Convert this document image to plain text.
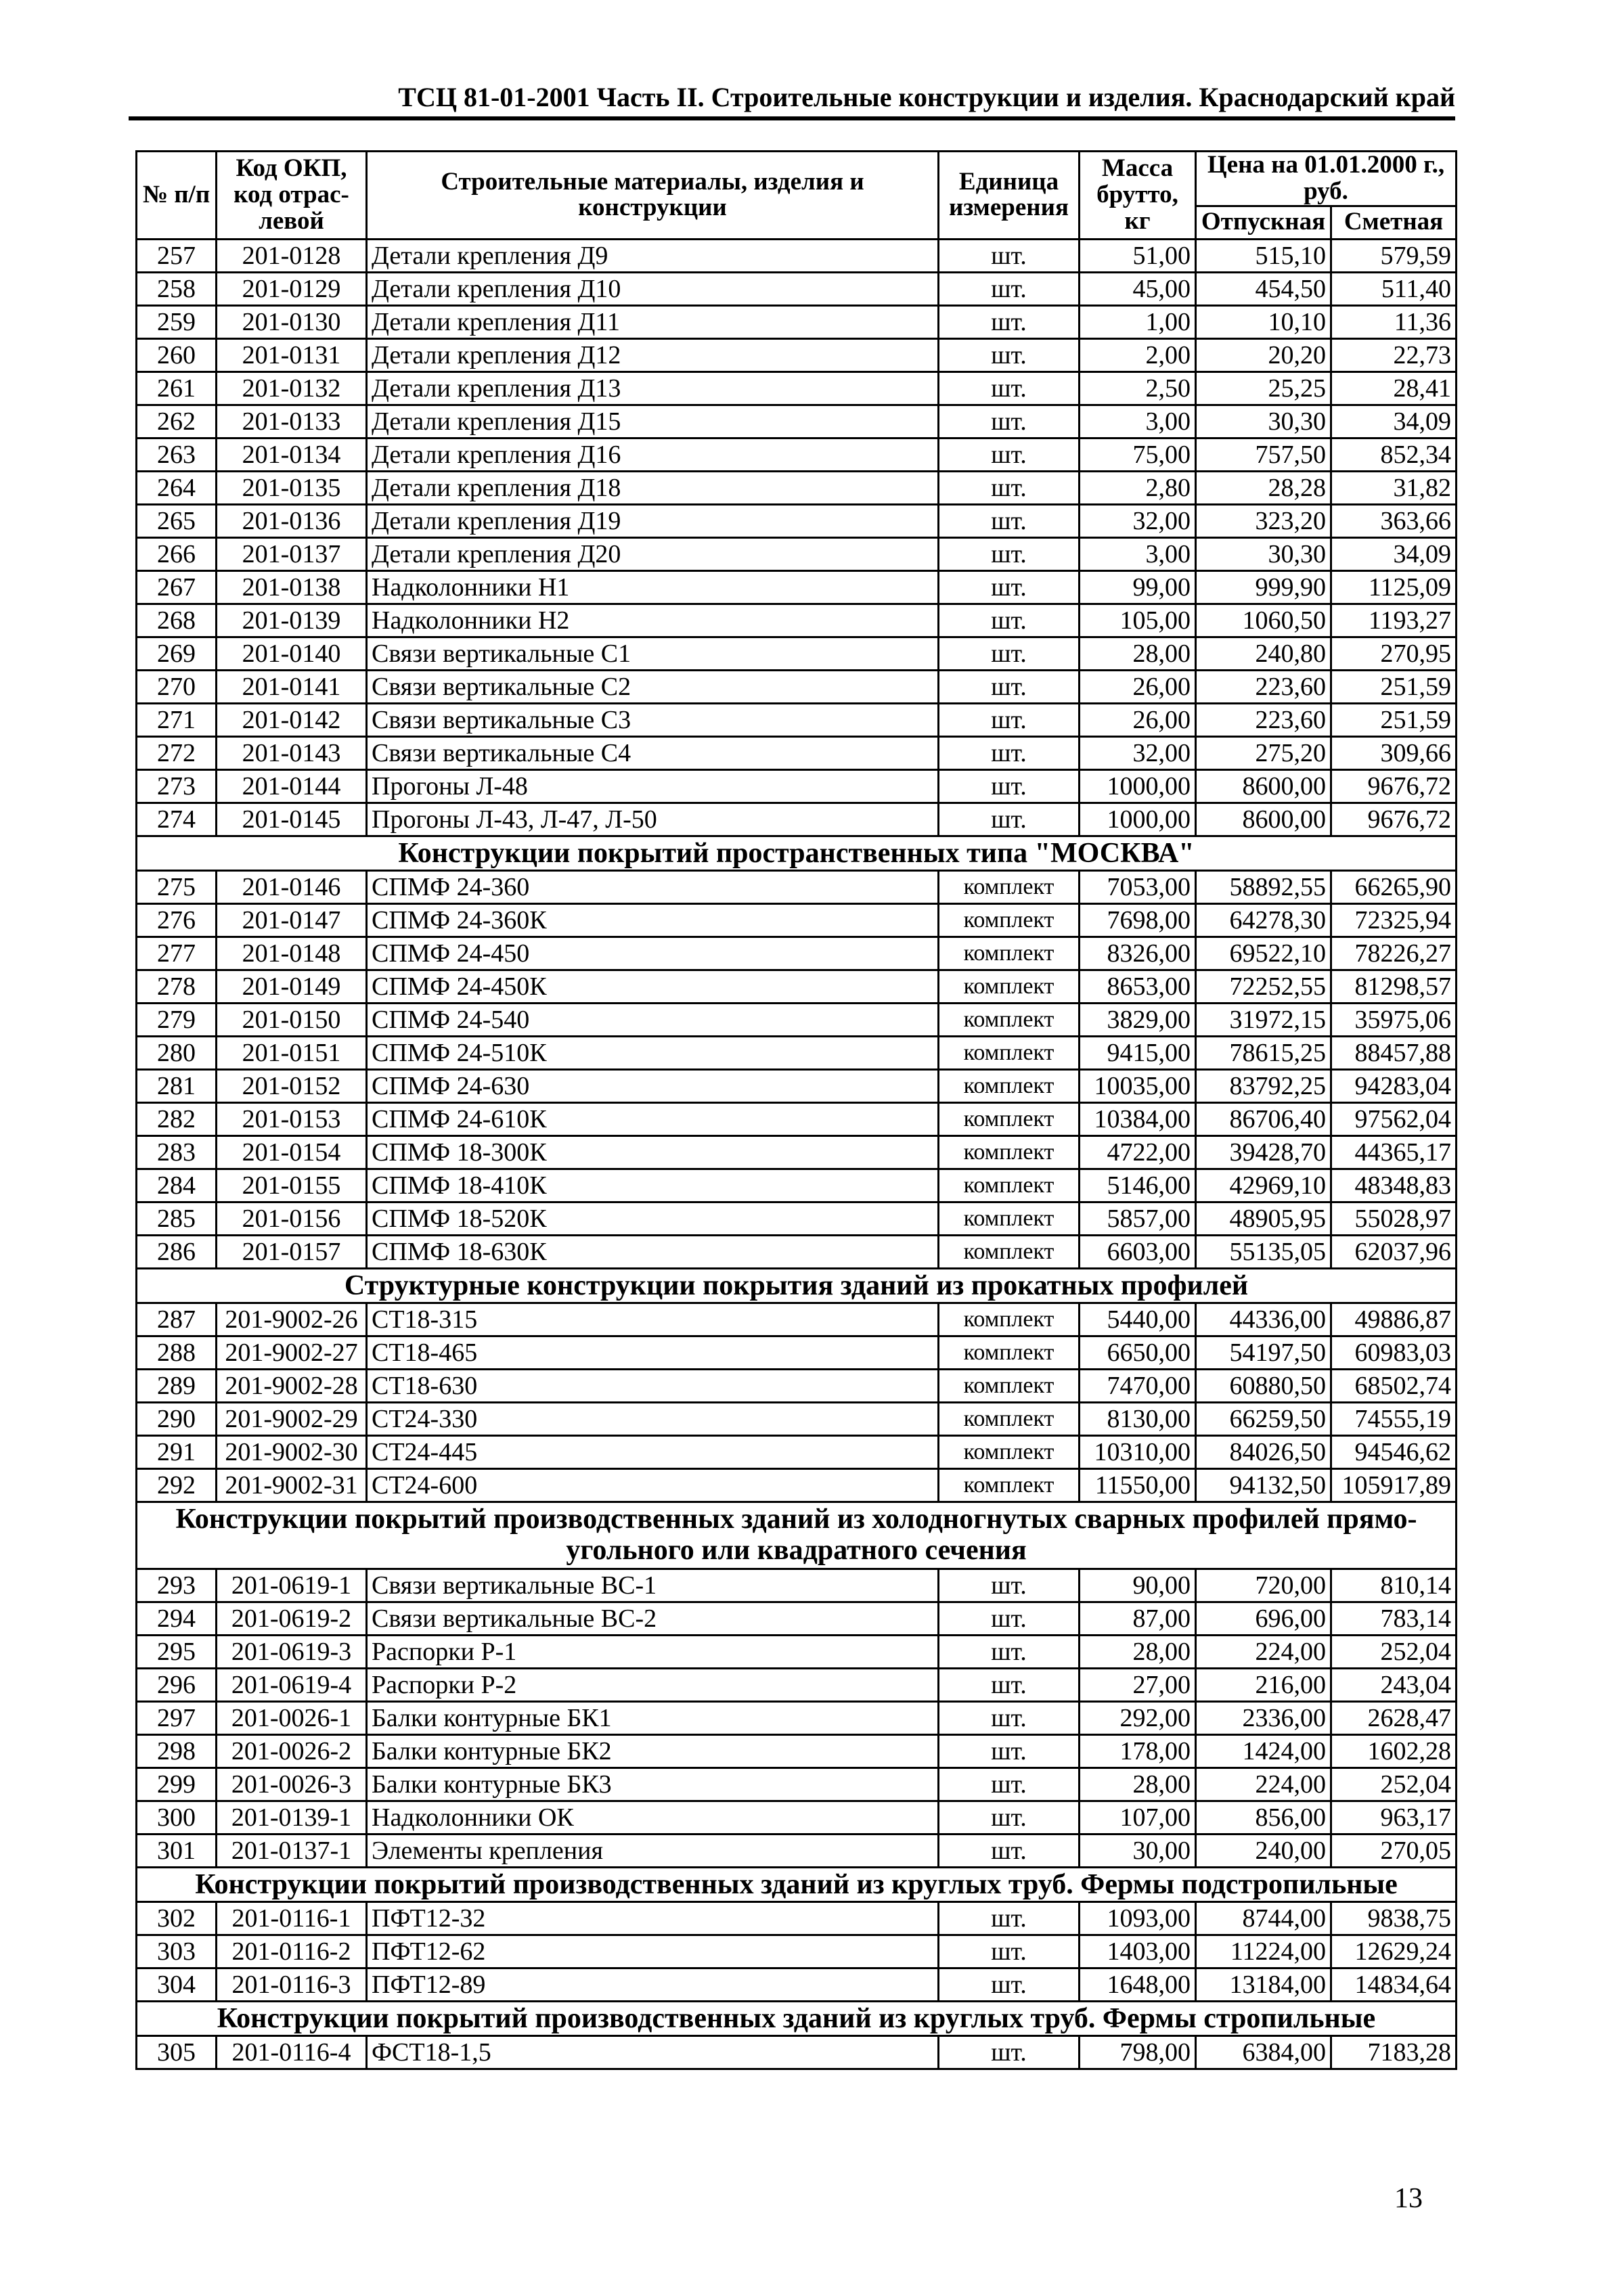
ТСЦ 81-01-2001 Часть II. Строительные конструкции и изделия. Краснодарский край
№ п/п	Код ОКП, код отрас-левой	Строительные материалы, изделия и конструкции	Единица измерения	Масса брутто, кг	Цена на 01.01.2000 г., руб.	
					Отпускная	Сметная
257	201-0128	Детали крепления Д9	шт.	51,00	515,10	579,59
258	201-0129	Детали крепления Д10	шт.	45,00	454,50	511,40
259	201-0130	Детали крепления Д11	шт.	1,00	10,10	11,36
260	201-0131	Детали крепления Д12	шт.	2,00	20,20	22,73
261	201-0132	Детали крепления Д13	шт.	2,50	25,25	28,41
262	201-0133	Детали крепления Д15	шт.	3,00	30,30	34,09
263	201-0134	Детали крепления Д16	шт.	75,00	757,50	852,34
264	201-0135	Детали крепления Д18	шт.	2,80	28,28	31,82
265	201-0136	Детали крепления Д19	шт.	32,00	323,20	363,66
266	201-0137	Детали крепления Д20	шт.	3,00	30,30	34,09
267	201-0138	Надколонники Н1	шт.	99,00	999,90	1125,09
268	201-0139	Надколонники Н2	шт.	105,00	1060,50	1193,27
269	201-0140	Связи вертикальные С1	шт.	28,00	240,80	270,95
270	201-0141	Связи вертикальные С2	шт.	26,00	223,60	251,59
271	201-0142	Связи вертикальные С3	шт.	26,00	223,60	251,59
272	201-0143	Связи вертикальные С4	шт.	32,00	275,20	309,66
273	201-0144	Прогоны Л-48	шт.	1000,00	8600,00	9676,72
274	201-0145	Прогоны Л-43, Л-47, Л-50	шт.	1000,00	8600,00	9676,72
Конструкции покрытий пространственных типа "МОСКВА"						
275	201-0146	СПМФ 24-360	комплект	7053,00	58892,55	66265,90
276	201-0147	СПМФ 24-360К	комплект	7698,00	64278,30	72325,94
277	201-0148	СПМФ 24-450	комплект	8326,00	69522,10	78226,27
278	201-0149	СПМФ 24-450К	комплект	8653,00	72252,55	81298,57
279	201-0150	СПМФ 24-540	комплект	3829,00	31972,15	35975,06
280	201-0151	СПМФ 24-510К	комплект	9415,00	78615,25	88457,88
281	201-0152	СПМФ 24-630	комплект	10035,00	83792,25	94283,04
282	201-0153	СПМФ 24-610К	комплект	10384,00	86706,40	97562,04
283	201-0154	СПМФ 18-300К	комплект	4722,00	39428,70	44365,17
284	201-0155	СПМФ 18-410К	комплект	5146,00	42969,10	48348,83
285	201-0156	СПМФ 18-520К	комплект	5857,00	48905,95	55028,97
286	201-0157	СПМФ 18-630К	комплект	6603,00	55135,05	62037,96
Структурные конструкции покрытия зданий из прокатных профилей						
287	201-9002-26	СТ18-315	комплект	5440,00	44336,00	49886,87
288	201-9002-27	СТ18-465	комплект	6650,00	54197,50	60983,03
289	201-9002-28	СТ18-630	комплект	7470,00	60880,50	68502,74
290	201-9002-29	СТ24-330	комплект	8130,00	66259,50	74555,19
291	201-9002-30	СТ24-445	комплект	10310,00	84026,50	94546,62
292	201-9002-31	СТ24-600	комплект	11550,00	94132,50	105917,89
Конструкции покрытий производственных зданий из холодногнутых сварных профилей прямо-угольного или квадратного сечения						
293	201-0619-1	Связи вертикальные ВС-1	шт.	90,00	720,00	810,14
294	201-0619-2	Связи вертикальные ВС-2	шт.	87,00	696,00	783,14
295	201-0619-3	Распорки Р-1	шт.	28,00	224,00	252,04
296	201-0619-4	Распорки Р-2	шт.	27,00	216,00	243,04
297	201-0026-1	Балки контурные БК1	шт.	292,00	2336,00	2628,47
298	201-0026-2	Балки контурные БК2	шт.	178,00	1424,00	1602,28
299	201-0026-3	Балки контурные БК3	шт.	28,00	224,00	252,04
300	201-0139-1	Надколонники ОК	шт.	107,00	856,00	963,17
301	201-0137-1	Элементы крепления	шт.	30,00	240,00	270,05
Конструкции покрытий производственных зданий из круглых труб. Фермы подстропильные						
302	201-0116-1	ПФТ12-32	шт.	1093,00	8744,00	9838,75
303	201-0116-2	ПФТ12-62	шт.	1403,00	11224,00	12629,24
304	201-0116-3	ПФТ12-89	шт.	1648,00	13184,00	14834,64
Конструкции покрытий производственных зданий из круглых труб. Фермы стропильные						
305	201-0116-4	ФСТ18-1,5	шт.	798,00	6384,00	7183,28
13
